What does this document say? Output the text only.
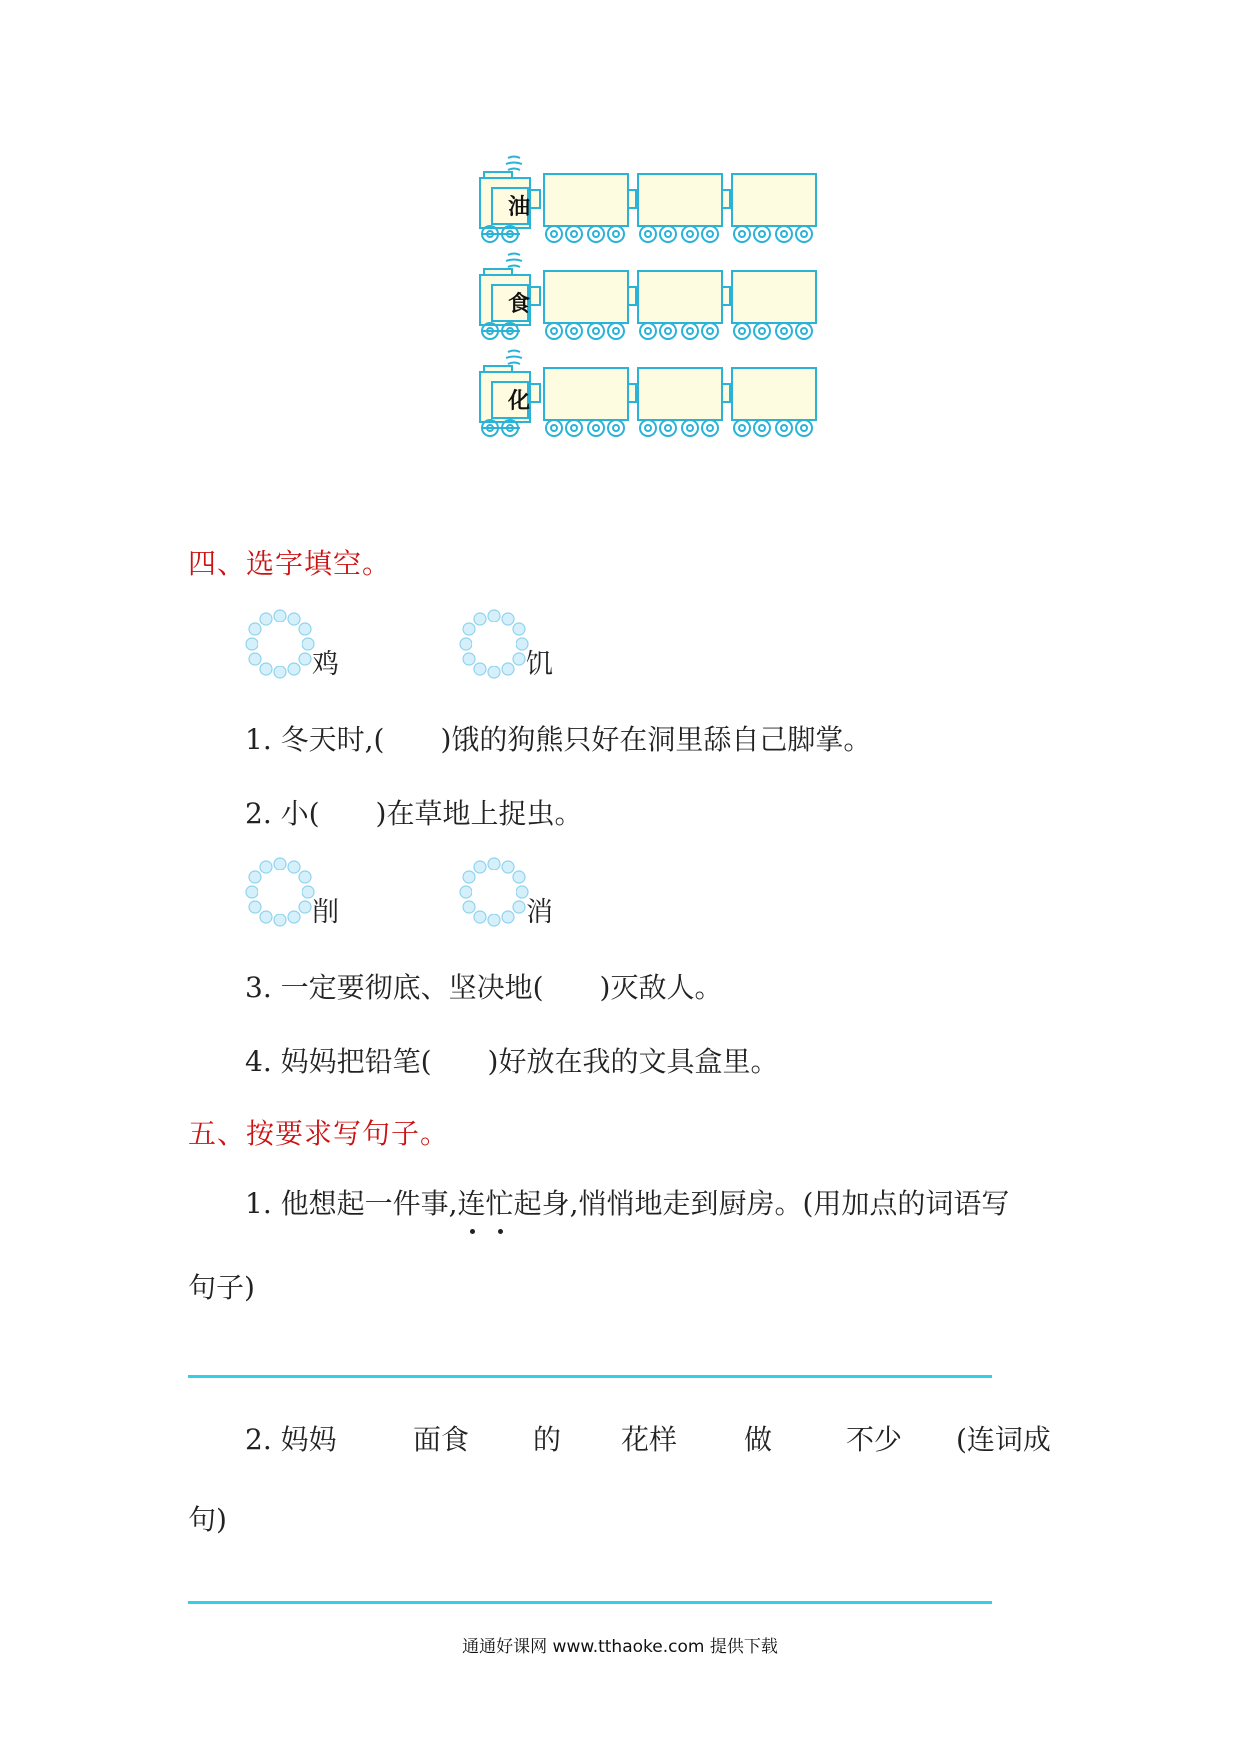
油
食
化
四、选字填空。
鸡	饥
1. 冬天时,( )饿的狗熊只好在洞里舔自己脚掌。
2. 小( )在草地上捉虫。
削	消
3. 一定要彻底、坚决地( )灭敌人。
4. 妈妈把铅笔( )好放在我的文具盒里。
五、按要求写句子。
1. 他想起一件事,连忙起身,悄悄地走到厨房。(用加点的词语写
句子)
2. 妈妈	面食 的 花样 做	不少 (连词成
句)
通通好课网 www.tthaoke.com 提供下载
